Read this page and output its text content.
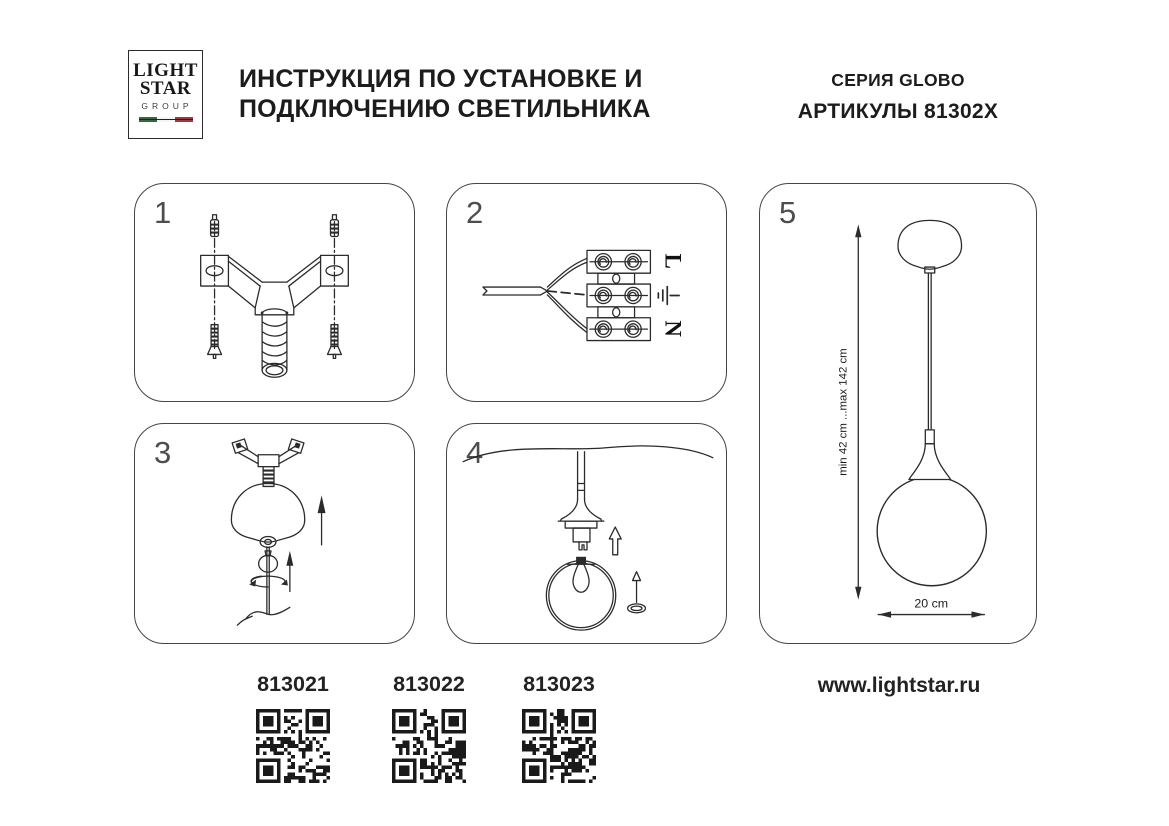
LIGHT
STAR
GROUP
ИНСТРУКЦИЯ ПО УСТАНОВКЕ И
ПОДКЛЮЧЕНИЮ СВЕТИЛЬНИКА
СЕРИЯ GLOBO
АРТИКУЛЫ 81302X
1	2
L
N
3	4
5
min 42 cm ...max 142 cm
20 cm
813021	813022	813023	www.lightstar.ru
